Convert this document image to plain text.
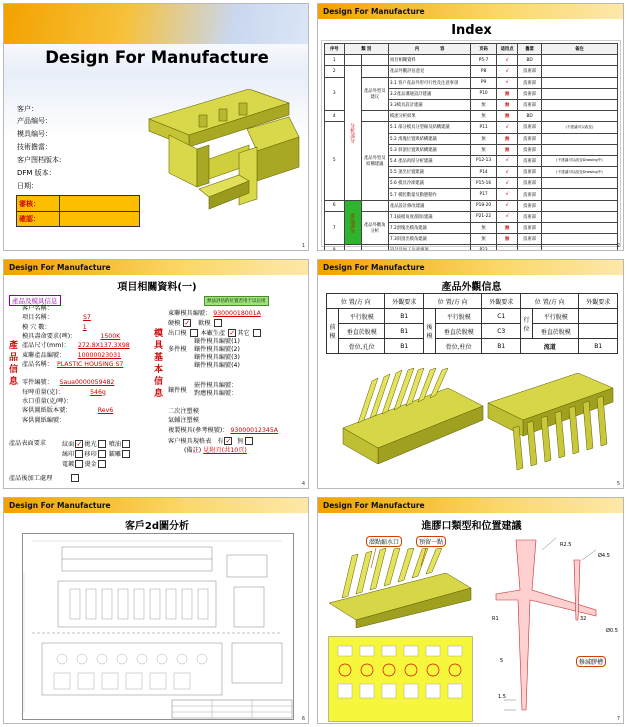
Design For Manufacture
客户：
产品编号：
模具编号：
技術擔當：
客户图档版本:
DFM 版本：
日期：
審核：
確認：
1
Design For Manufacture
Index
序号	類 別		内 容	页码	适用点	擔當	备注
1			项目相關資料	P5-7	√	BD	
2	分析部分		產品外觀評估意見	P8	√	技術部	
3		產品外型及建议	3.1 客户産品外形可行性及注意事項	P9	√	技術部	
			3.2產品溝通設計建議	P10	無	技術部	
			3.3模具設計建議	無	無	技術部	
4			模流分析結果	無	無	BD	
5		產品外型及結構建議	5.1 部分模具分型線及結構建議	P11	√	技術部	(不建議可以改变)
			5.2 滑塊位置與結構建議	無	無	技術部	
			5.3 斜頂位置與結構建議	無	無	技術部	
			5.4 產品肉厚分析建議	P12-13	√	技術部	(不建議可以改变Drawing中)
			5.5 頂出位置建議	P14	√	技術部	(不建議可以改变Drawing中)
			5.6 模具冷卻建議	P15-16	√	技術部	
			5.7 模腔數量及動態動作	P17	√	技術部	
6	產品部分		產品設計修改建議	P18-20	√	技術部	
7		產品外觀角分析	7.1拔模角度/圓角建議	P21-22	√	技術部	
			7.2滑塊出模角建議	無	無	技術部	
			7.3斜頂出模角建議	無	無	技術部	
8			設計及加工注意事項	P23			
2
Design For Manufacture
項目相關資料(一)
產品及模具信息	無法評估的位置若用于以后用
產品信息
模具基本信息
客户名稱：
项目名稱：	S7
模 穴 數：	1
模具壽命要求(啤)：	1500K
產品尺寸(mm)： 272.8X137.3X98
東聯產品編號： 10000023031
產品名稱： PLASTIC HOUSING S7
零件編號： Saua0000059482
每啤重量(克)：	546g
水口重量(克/啤)：
客供圖紙版本號：	Rev6
客供圖紙編號：
東聯模具編號： 93000018001A
硬模 ✓ 軟模
出口模 本廠生產 ✓ 其它
多件模
鑲件模具編號(1)
鑲件模具編號(2)
鑲件模具編號(3)
鑲件模具編號(4)
鑲件模
嵌件模具編號：
對應模具編號：
二次注塑模
氣輔注塑模
複製模具(參考模號)： 93000012345A
客户模具規格表 有 ✓ 無
(備註) 見附頁(共10頁)
產品表面要求	紋面 ✓ 拋光 噴油
絲印 移印 鐳雕
電鍍 燙金
產品後加工處理
4
Design For Manufacture
產品外觀信息
位 置/方 向		外觀要求	位 置/方 向		外觀要求	位 置/方 向		外觀要求
前模	平行脫模	B1	後模	平行脫模	C1	行位	平行脫模	
	垂直於脫模	B1		垂直於脫模	C3		垂直於脫模	
	骨位,孔位	B1		骨位,柱位	B1	流道		B1
5
Design For Manufacture
客戶2d圖分析
6
Design For Manufacture
進膠口類型和位置建議
潜點縮水口	預留一點	R2.5
Ø4.5
R1
5
1.5
32
Ø0.5
修減膠槽
7
